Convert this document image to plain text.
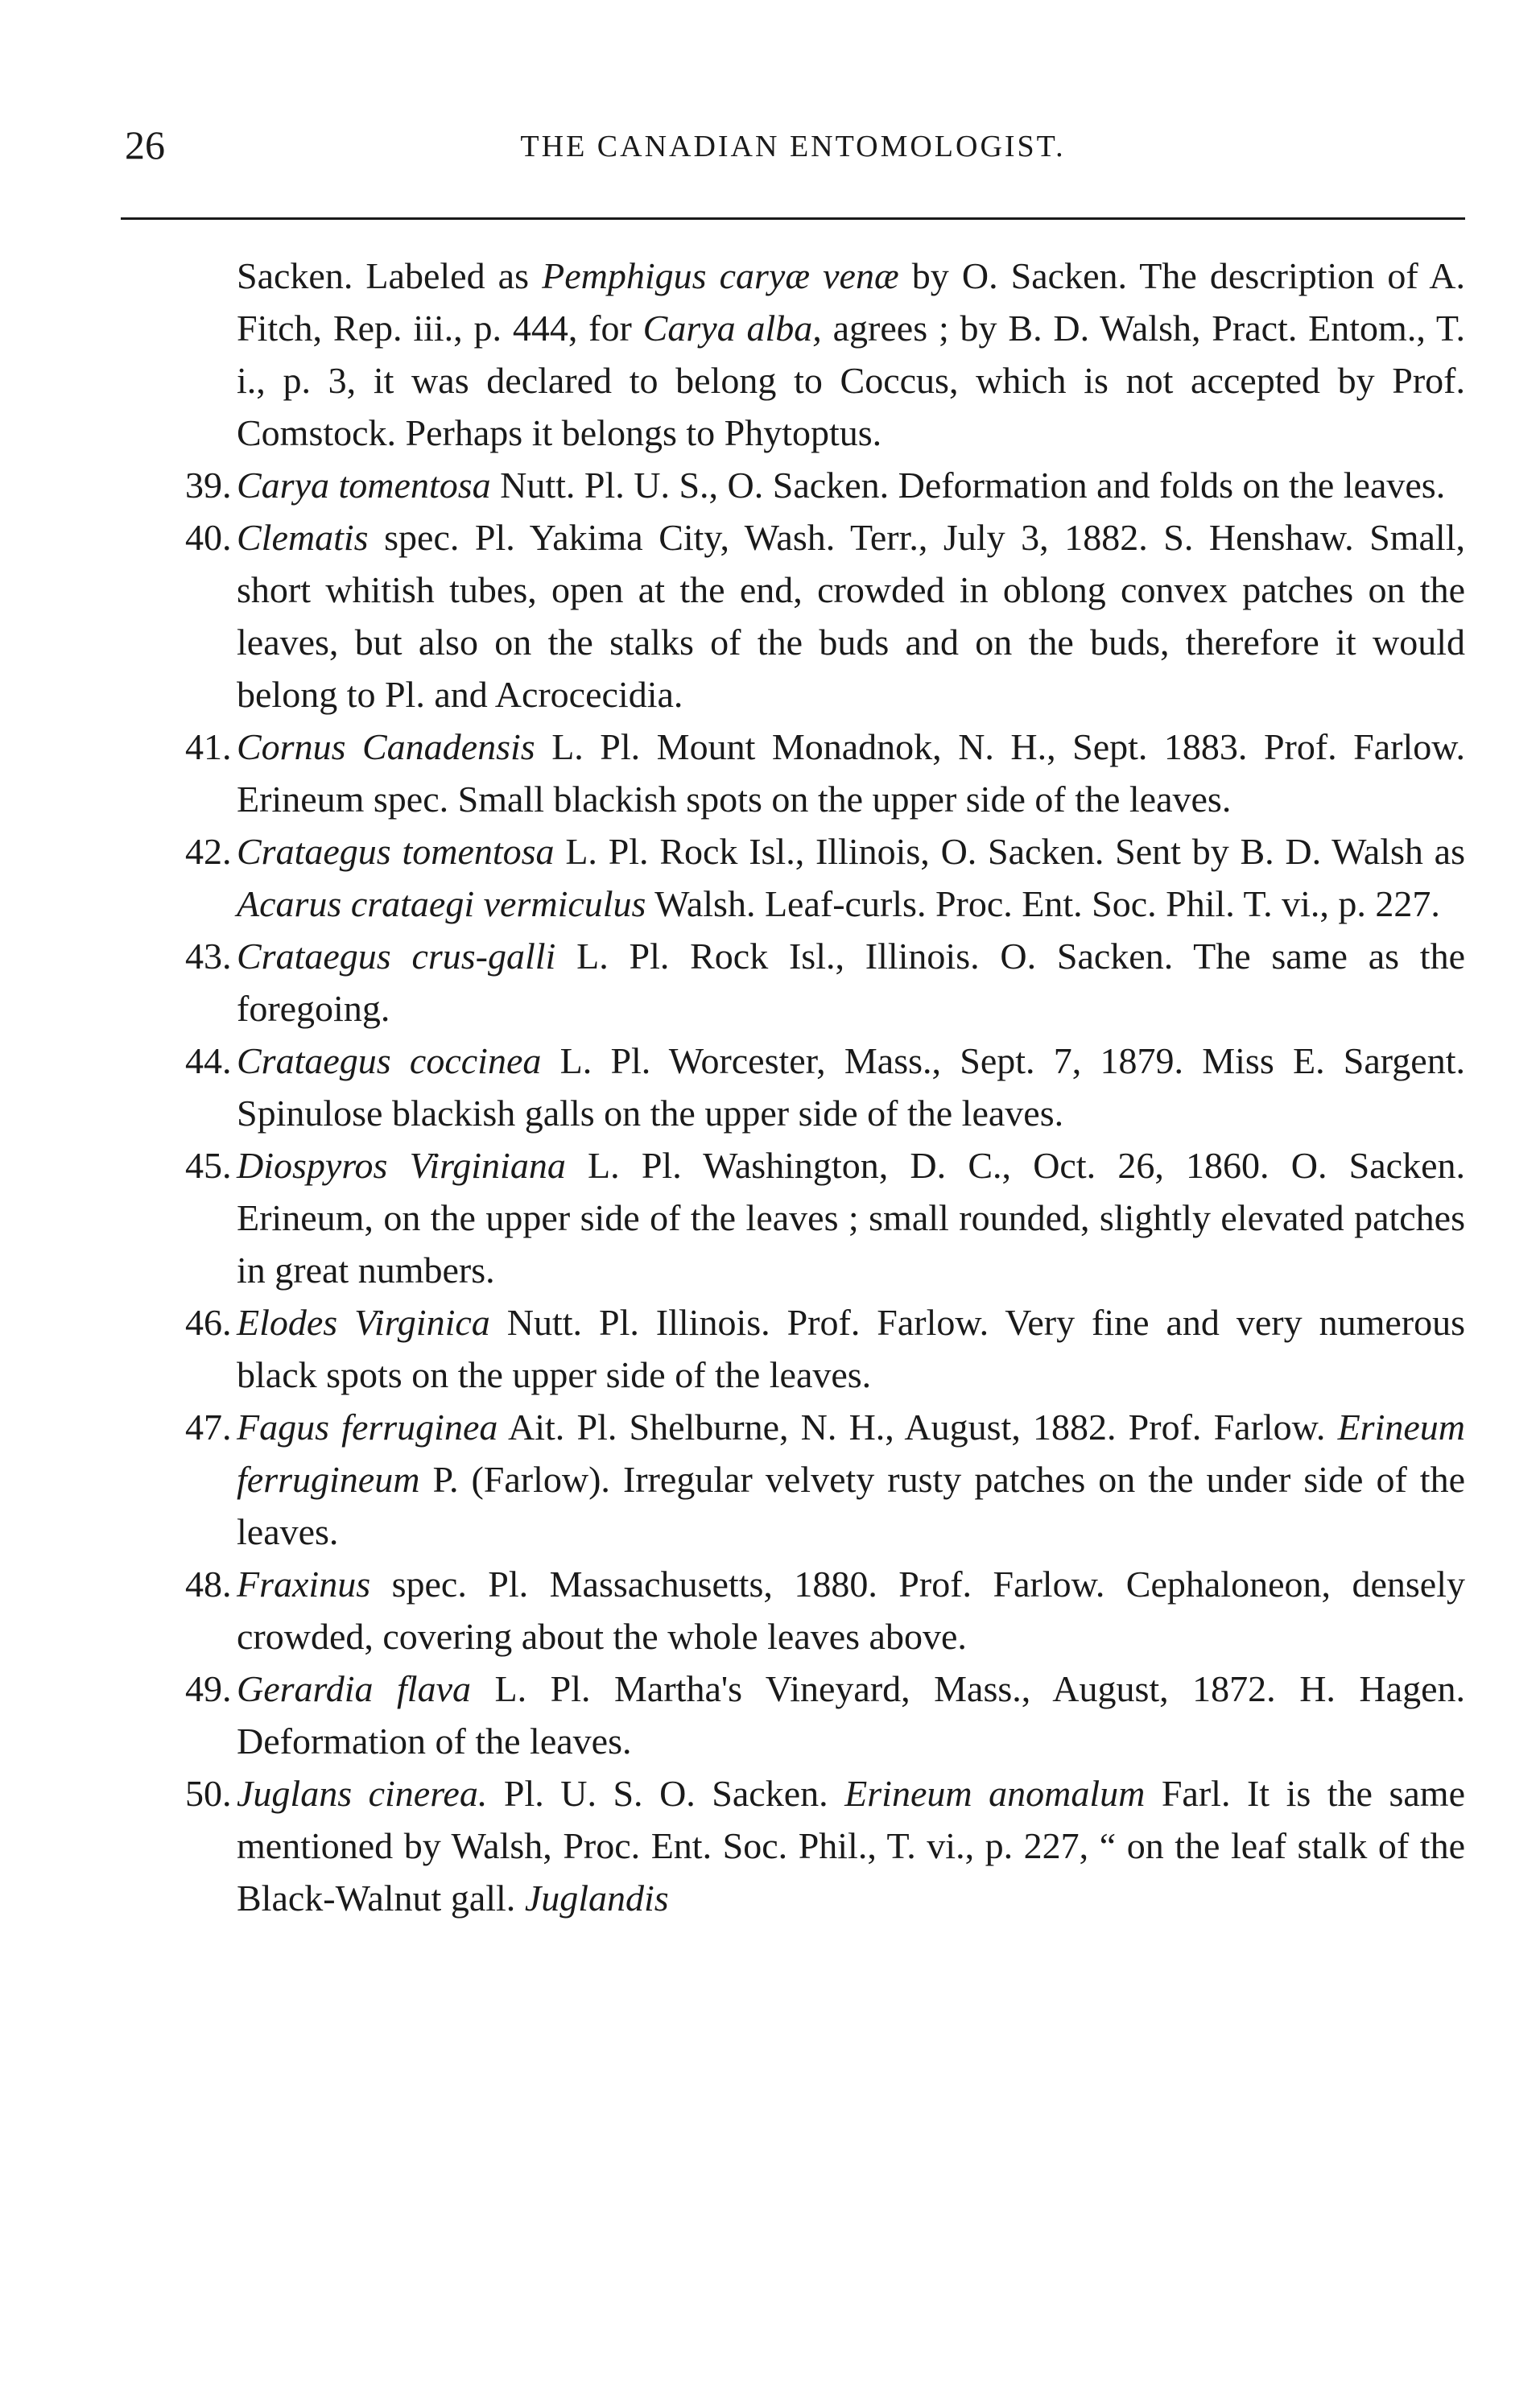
26	THE CANADIAN ENTOMOLOGIST.

Sacken. Labeled as Pemphigus caryæ venæ by O. Sacken. The description of A. Fitch, Rep. iii., p. 444, for Carya alba, agrees ; by B. D. Walsh, Pract. Entom., T. i., p. 3, it was declared to belong to Coccus, which is not accepted by Prof. Comstock. Perhaps it belongs to Phytoptus.

39. Carya tomentosa Nutt. Pl. U. S., O. Sacken. Deformation and folds on the leaves.

40. Clematis spec. Pl. Yakima City, Wash. Terr., July 3, 1882. S. Henshaw. Small, short whitish tubes, open at the end, crowded in oblong convex patches on the leaves, but also on the stalks of the buds and on the buds, therefore it would belong to Pl. and Acrocecidia.

41. Cornus Canadensis L. Pl. Mount Monadnok, N. H., Sept. 1883. Prof. Farlow. Erineum spec. Small blackish spots on the upper side of the leaves.

42. Crataegus tomentosa L. Pl. Rock Isl., Illinois, O. Sacken. Sent by B. D. Walsh as Acarus crataegi vermiculus Walsh. Leaf-curls. Proc. Ent. Soc. Phil. T. vi., p. 227.

43. Crataegus crus-galli L. Pl. Rock Isl., Illinois. O. Sacken. The same as the foregoing.

44. Crataegus coccinea L. Pl. Worcester, Mass., Sept. 7, 1879. Miss E. Sargent. Spinulose blackish galls on the upper side of the leaves.

45. Diospyros Virginiana L. Pl. Washington, D. C., Oct. 26, 1860. O. Sacken. Erineum, on the upper side of the leaves ; small rounded, slightly elevated patches in great numbers.

46. Elodes Virginica Nutt. Pl. Illinois. Prof. Farlow. Very fine and very numerous black spots on the upper side of the leaves.

47. Fagus ferruginea Ait. Pl. Shelburne, N. H., August, 1882. Prof. Farlow. Erineum ferrugineum P. (Farlow). Irregular velvety rusty patches on the under side of the leaves.

48. Fraxinus spec. Pl. Massachusetts, 1880. Prof. Farlow. Cephaloneon, densely crowded, covering about the whole leaves above.

49. Gerardia flava L. Pl. Martha's Vineyard, Mass., August, 1872. H. Hagen. Deformation of the leaves.

50. Juglans cinerea. Pl. U. S. O. Sacken. Erineum anomalum Farl. It is the same mentioned by Walsh, Proc. Ent. Soc. Phil., T. vi., p. 227, “ on the leaf stalk of the Black-Walnut gall. Juglandis
